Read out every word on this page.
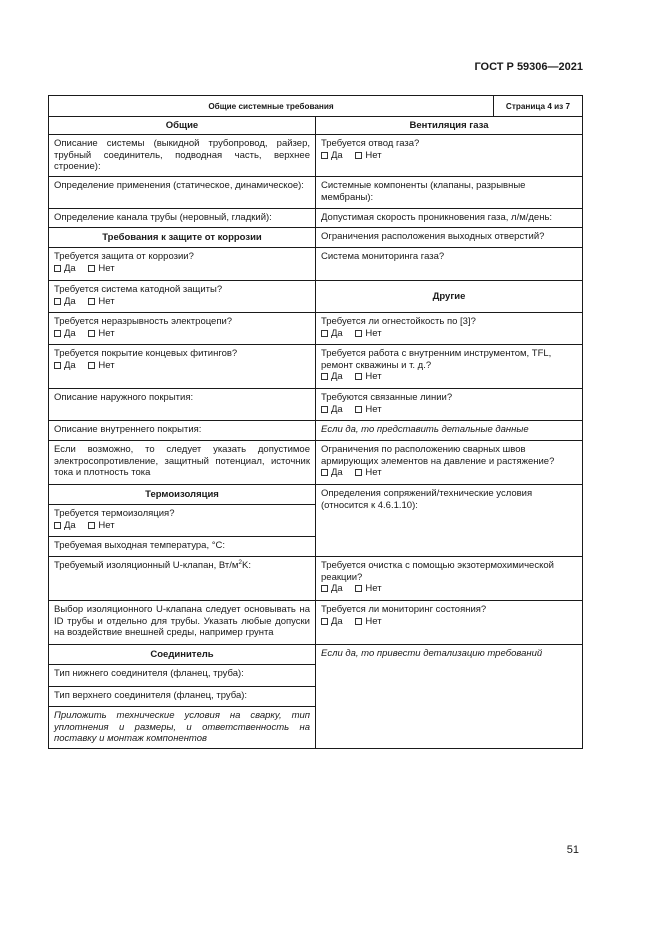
ГОСТ Р 59306—2021
Общие системные требования	Страница 4 из 7
Общие
Описание системы (выкидной трубопровод, райзер, трубный соединитель, подводная часть, верхнее строение):
Определение применения (статическое, динамическое):
Определение канала трубы (неровный, гладкий):
Требования к защите от коррозии
Требуется защита от коррозии?
Да Нет
Требуется система катодной защиты?
Да Нет
Требуется неразрывность электроцепи?
Да Нет
Требуется покрытие концевых фитингов?
Да Нет
Описание наружного покрытия:
Описание внутреннего покрытия:
Если возможно, то следует указать допустимое электросопротивление, защитный потенциал, источник тока и плотность тока
Термоизоляция
Требуется термоизоляция?
Да Нет
Требуемая выходная температура, °C:
Требуемый изоляционный U-клапан, $Вт/м^2K$:
Выбор изоляционного U-клапана следует основывать на ID трубы и отдельно для трубы. Указать любые допуски на воздействие внешней среды, например грунта
Соединитель
Тип нижнего соединителя (фланец, труба):
Тип верхнего соединителя (фланец, труба):
Приложить технические условия на сварку, тип уплотнения и размеры, и ответственность на поставку и монтаж компонентов
Вентиляция газа
Требуется отвод газа?
Да Нет
Системные компоненты (клапаны, разрывные мембраны):
Допустимая скорость проникновения газа, л/м/день:
Ограничения расположения выходных отверстий?
Система мониторинга газа?
Другие
Требуется ли огнестойкость по [3]?
Да Нет
Требуется работа с внутренним инструментом, TFL, ремонт скважины и т. д.?
Да Нет
Требуются связанные линии?
Да Нет
Если да, то представить детальные данные
Ограничения по расположению сварных швов армирующих элементов на давление и растяжение?
Да Нет
Определения сопряжений/технические условия (относится к 4.6.1.10):
Требуется очистка с помощью экзотермохимической реакции?
Да Нет
Требуется ли мониторинг состояния?
Да Нет
Если да, то привести детализацию требований
51
